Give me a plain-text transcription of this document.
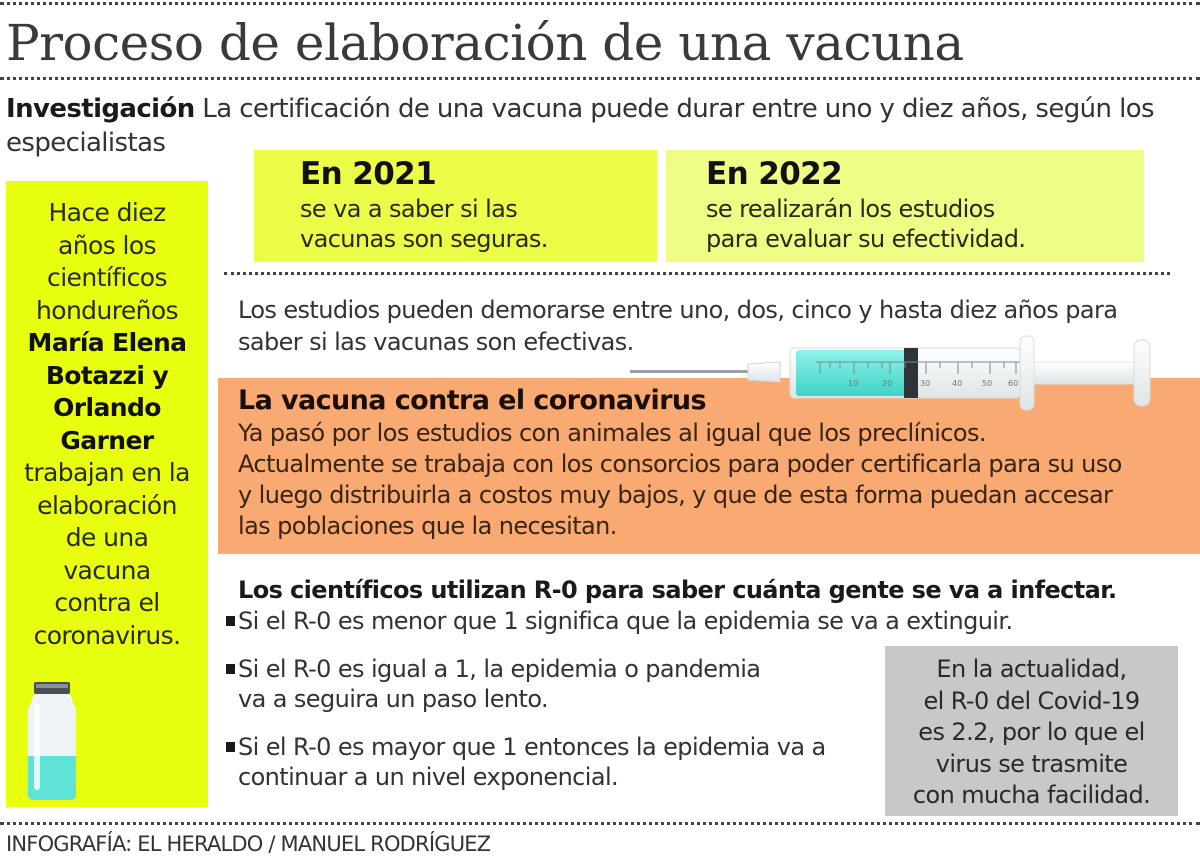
Proceso de elaboración de una vacuna

Investigación La certificación de una vacuna puede durar entre uno y diez años, según los especialistas

Hace diez
años los
científicos
hondureños
María Elena
Botazzi y
Orlando
Garner
trabajan en la
elaboración
de una
vacuna
contra el
coronavirus.
En 2021
se va a saber si las
vacunas son seguras.
En 2022
se realizarán los estudios
para evaluar su efectividad.

Los estudios pueden demorarse entre uno, dos, cinco y hasta diez años para saber si las vacunas son efectivas.

La vacuna contra el coronavirus
Ya pasó por los estudios con animales al igual que los preclínicos.
Actualmente se trabaja con los consorcios para poder certificarla para su uso
y luego distribuirla a costos muy bajos, y que de esta forma puedan accesar
las poblaciones que la necesitan.
10	20	30	40 50 60
Los científicos utilizan R-0 para saber cuánta gente se va a infectar.
Si el R-0 es menor que 1 significa que la epidemia se va a extinguir.
Si el R-0 es igual a 1, la epidemia o pandemia va a seguira un paso lento.
Si el R-0 es mayor que 1 entonces la epidemia va a continuar a un nivel exponencial.
En la actualidad,
el R-0 del Covid-19
es 2.2, por lo que el
virus se trasmite
con mucha facilidad.
INFOGRAFÍA: EL HERALDO / MANUEL RODRÍGUEZ
